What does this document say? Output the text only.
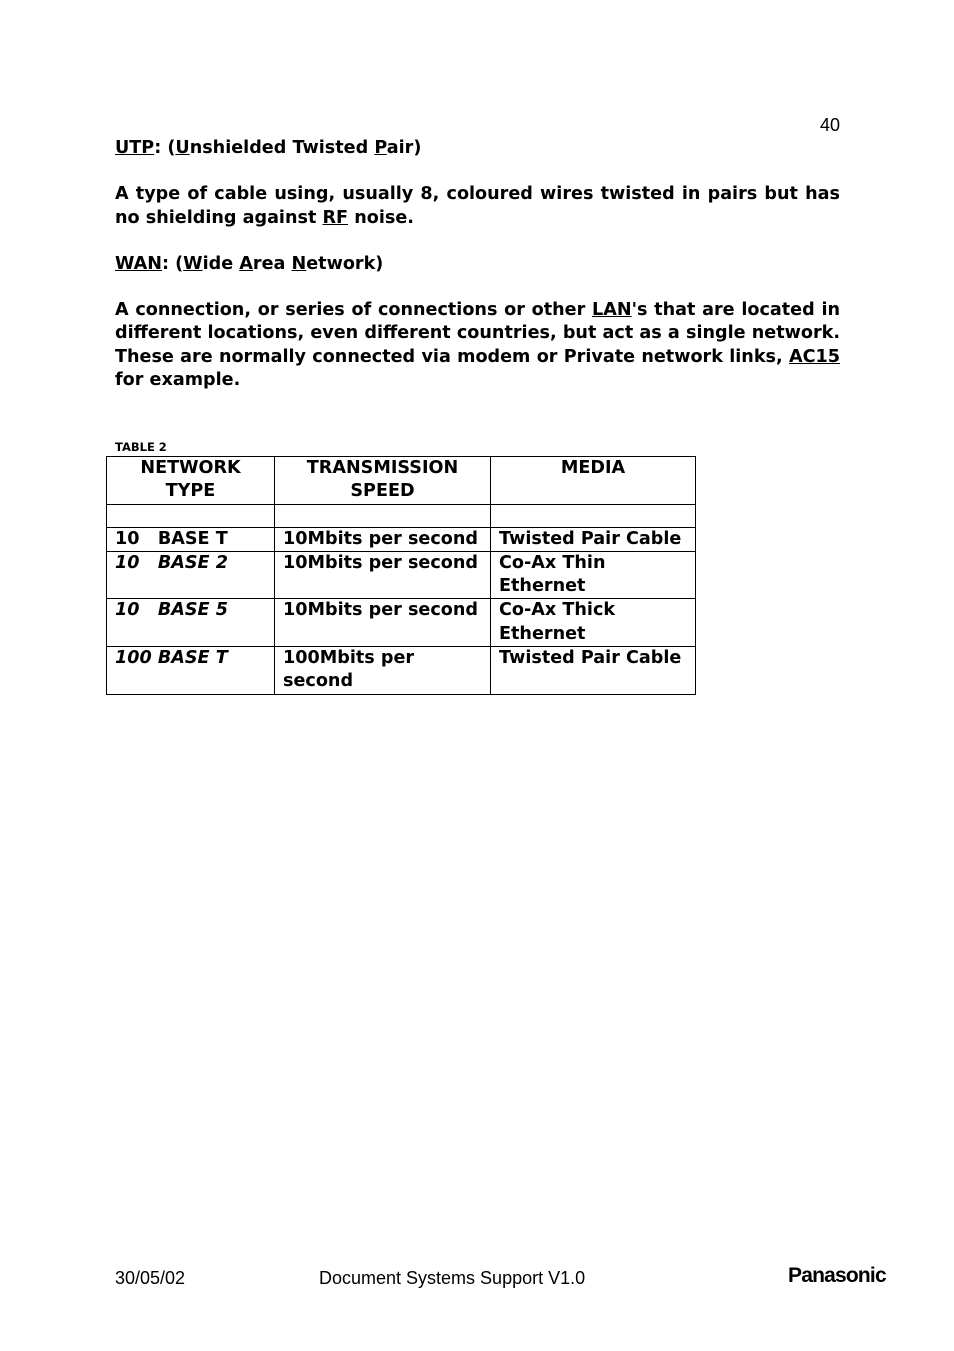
40

UTP: (Unshielded Twisted Pair)

A type of cable using, usually 8, coloured wires twisted in pairs but has no shielding against RF noise.

WAN: (Wide Area Network)

A connection, or series of connections or other LAN's that are located in different locations, even different countries, but act as a single network. These are normally connected via modem or Private network links, AC15 for example.

TABLE 2
NETWORK TYPE	TRANSMISSION SPEED	MEDIA

10   BASE T	10Mbits per second	Twisted Pair Cable
10   BASE 2	10Mbits per second	Co-Ax Thin Ethernet
10   BASE 5	10Mbits per second	Co-Ax Thick Ethernet
100 BASE T	100Mbits per second	Twisted Pair Cable
30/05/02	Document Systems Support V1.0	Panasonic
